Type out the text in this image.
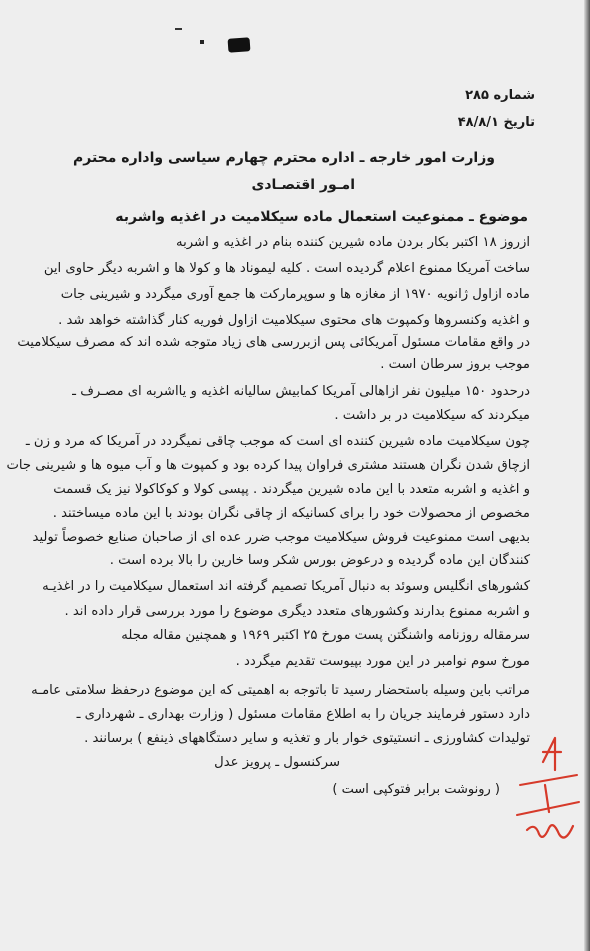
شماره ۲۸۵
تاریخ ۴۸/۸/۱
وزارت امور خارجه ـ اداره محترم چهارم سیاسی واداره محترم
امـور اقتصـادی
موضوع ـ ممنوعیت استعمال ماده سیکلامیت در اغذیه واشربه
ازروز ۱۸ اکتبر بکار بردن ماده شیرین کننده بنام در اغذیه و اشربه
ساخت آمریکا ممنوع اعلام گردیده است . کلیه لیموناد ها و کولا ها و اشربه دیگر حاوی این
ماده ازاول ژانویه ۱۹۷۰ از مغازه ها و سوپرمارکت ها جمع آوری میگردد و شیرینی جات
و اغذیه وکنسروها وکمپوت های محتوی سیکلامیت ازاول فوریه کنار گذاشته خواهد شد .
در واقع مقامات مسئول آمریکائی پس ازبررسی های زیاد متوجه شده اند که مصرف سیکلامیت
موجب بروز سرطان است .
درحدود ۱۵۰ میلیون نفر ازاهالی آمریکا کمابیش سالیانه اغذیه و یااشربه ای مصـرف ـ
میکردند که سیکلامیت در بر داشت .
چون سیکلامیت ماده شیرین کننده ای است که موجب چاقی نمیگردد در آمریکا که مرد و زن ـ
ازچاق شدن نگران هستند مشتری فراوان پیدا کرده بود و کمپوت ها و آب میوه ها و شیرینی جات
و اغذیه و اشربه متعدد با این ماده شیرین میگردند . پپسی کولا و کوکاکولا نیز یک قسمت
مخصوص از محصولات خود را برای کسانیکه از چاقی نگران بودند با این ماده میساختند .
بدیهی است ممنوعیت فروش سیکلامیت موجب ضرر عده ای از صاحبان صنایع خصوصاً تولید
کنندگان این ماده گردیده و درعوض بورس شکر وسا خارین را بالا برده است .
کشورهای انگلیس وسوئد به دنبال آمریکا تصمیم گرفته اند استعمال سیکلامیت را در اغذیـه
و اشربه ممنوع بدارند وکشورهای متعدد دیگری موضوع را مورد بررسی قرار داده اند .
سرمقاله روزنامه واشنگتن پست مورخ ۲۵ اکتبر ۱۹۶۹ و همچنین مقاله مجله
مورخ سوم نوامبر در این مورد بپیوست تقدیم میگردد .
مراتب باین وسیله باستحضار رسید تا باتوجه به اهمیتی که این موضوع درحفظ سلامتی عامـه
دارد دستور فرمایند جریان را به اطلاع مقامات مسئول ( وزارت بهداری ـ شهرداری ـ
تولیدات کشاورزی ـ انستیتوی خوار بار و تغذیه و سایر دستگاههای ذینفع ) برسانند .
سرکنسول ـ پرویز عدل
( رونوشت برابر فتوکپی است )
